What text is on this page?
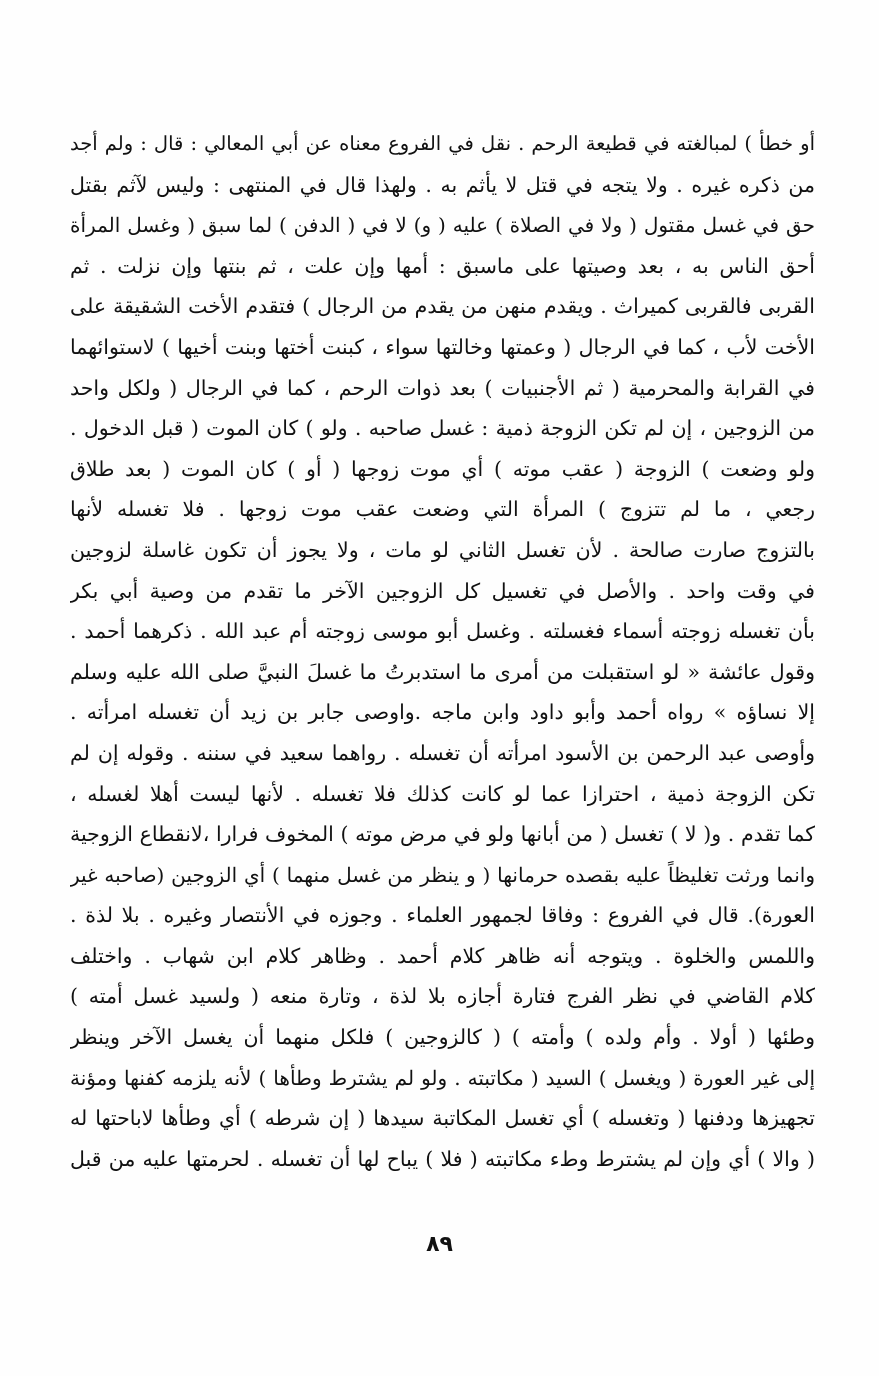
أو خطأ ) لمبالغته في قطيعة الرحم . نقل في الفروع معناه عن أبي المعالي : قال : ولم أجد
من ذكره غيره . ولا يتجه في قتل لا يأثم به . ولهذا قال في المنتهى : وليس لآثم بقتل
حق في غسل مقتول ( ولا في الصلاة ) عليه ( و) لا في ( الدفن ) لما سبق ( وغسل المرأة
أحق الناس به ، بعد وصيتها على ماسبق : أمها وإن علت ، ثم بنتها وإن نزلت . ثم
القربى فالقربى كميراث . ويقدم منهن من يقدم من الرجال ) فتقدم الأخت الشقيقة على
الأخت لأب ، كما في الرجال ( وعمتها وخالتها سواء ، كبنت أختها وبنت أخيها ) لاستوائهما
في القرابة والمحرمية ( ثم الأجنبيات ) بعد ذوات الرحم ، كما في الرجال ( ولكل واحد
من الزوجين ، إن لم تكن الزوجة ذمية : غسل صاحبه . ولو ) كان الموت ( قبل الدخول .
ولو وضعت ) الزوجة ( عقب موته ) أي موت زوجها ( أو ) كان الموت ( بعد طلاق
رجعي ، ما لم تتزوج ) المرأة التي وضعت عقب موت زوجها . فلا تغسله لأنها
بالتزوج صارت صالحة . لأن تغسل الثاني لو مات ، ولا يجوز أن تكون غاسلة لزوجين
في وقت واحد . والأصل في تغسيل كل الزوجين الآخر ما تقدم من وصية أبي بكر
بأن تغسله زوجته أسماء فغسلته . وغسل أبو موسى زوجته أم عبد الله . ذكرهما أحمد .
وقول عائشة « لو استقبلت من أمرى ما استدبرتُ ما غسلَ النبيَّ صلى الله عليه وسلم
إلا نساؤه » رواه أحمد وأبو داود وابن ماجه .واوصى جابر بن زيد أن تغسله امرأته .
وأوصى عبد الرحمن بن الأسود امرأته أن تغسله . رواهما سعيد في سننه . وقوله إن لم
تكن الزوجة ذمية ، احترازا عما لو كانت كذلك فلا تغسله . لأنها ليست أهلا لغسله ،
كما تقدم . و( لا ) تغسل ( من أبانها ولو في مرض موته ) المخوف فرارا ،لانقطاع الزوجية
وانما ورثت تغليظاً عليه بقصده حرمانها ( و ينظر من غسل منهما ) أي الزوجين (صاحبه غير
العورة). قال في الفروع : وفاقا لجمهور العلماء . وجوزه في الأنتصار وغيره . بلا لذة .
واللمس والخلوة . ويتوجه أنه ظاهر كلام أحمد . وظاهر كلام ابن شهاب . واختلف
كلام القاضي في نظر الفرج فتارة أجازه بلا لذة ، وتارة منعه ( ولسيد غسل أمته )
وطئها ( أولا . وأم ولده ) وأمته ) ( كالزوجين ) فلكل منهما أن يغسل الآخر وينظر
إلى غير العورة ( ويغسل ) السيد ( مكاتبته . ولو لم يشترط وطأها ) لأنه يلزمه كفنها ومؤنة
تجهيزها ودفنها ( وتغسله ) أي تغسل المكاتبة سيدها ( إن شرطه ) أي وطأها لاباحتها له
( والا ) أي وإن لم يشترط وطء مكاتبته ( فلا ) يباح لها أن تغسله . لحرمتها عليه من قبل
٨٩
